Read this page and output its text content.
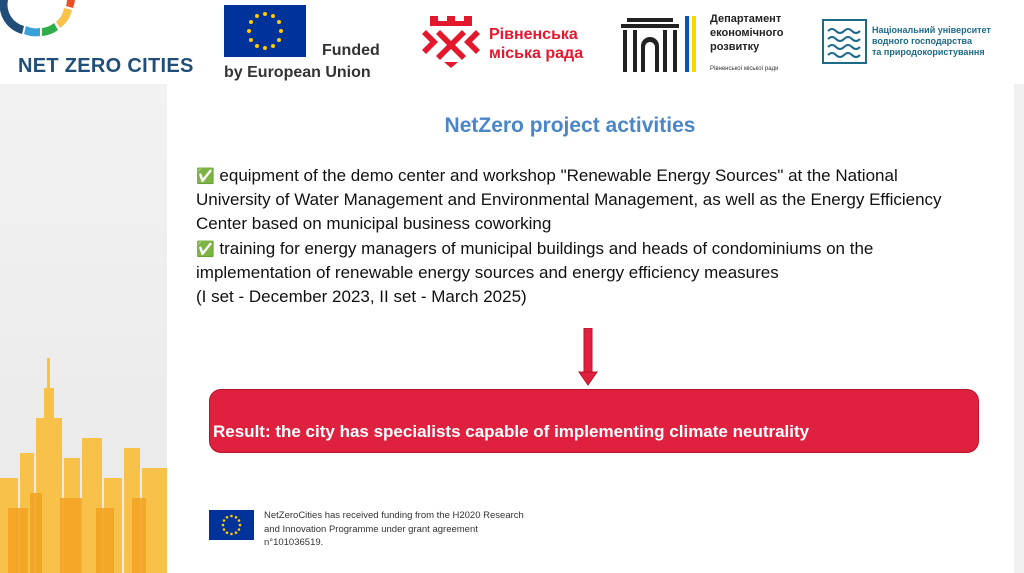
NET ZERO CITIES
Funded
by European Union
Рівненська
міська рада
Департамент
економічного
розвитку
Рівненської міської ради
Національний університет
водного господарства
та природокористування
NetZero project activities

✅ equipment of the demo center and workshop "Renewable Energy Sources" at the National University of Water Management and Environmental Management, as well as the Energy Efficiency Center based on municipal business coworking

✅ training for energy managers of municipal buildings and heads of condominiums on the implementation of renewable energy sources and energy efficiency measures

(I set - December 2023, II set - March 2025)

Result: the city has specialists capable of implementing climate neutrality
NetZeroCities has received funding from the H2020 Research and Innovation Programme under grant agreement n°101036519.
